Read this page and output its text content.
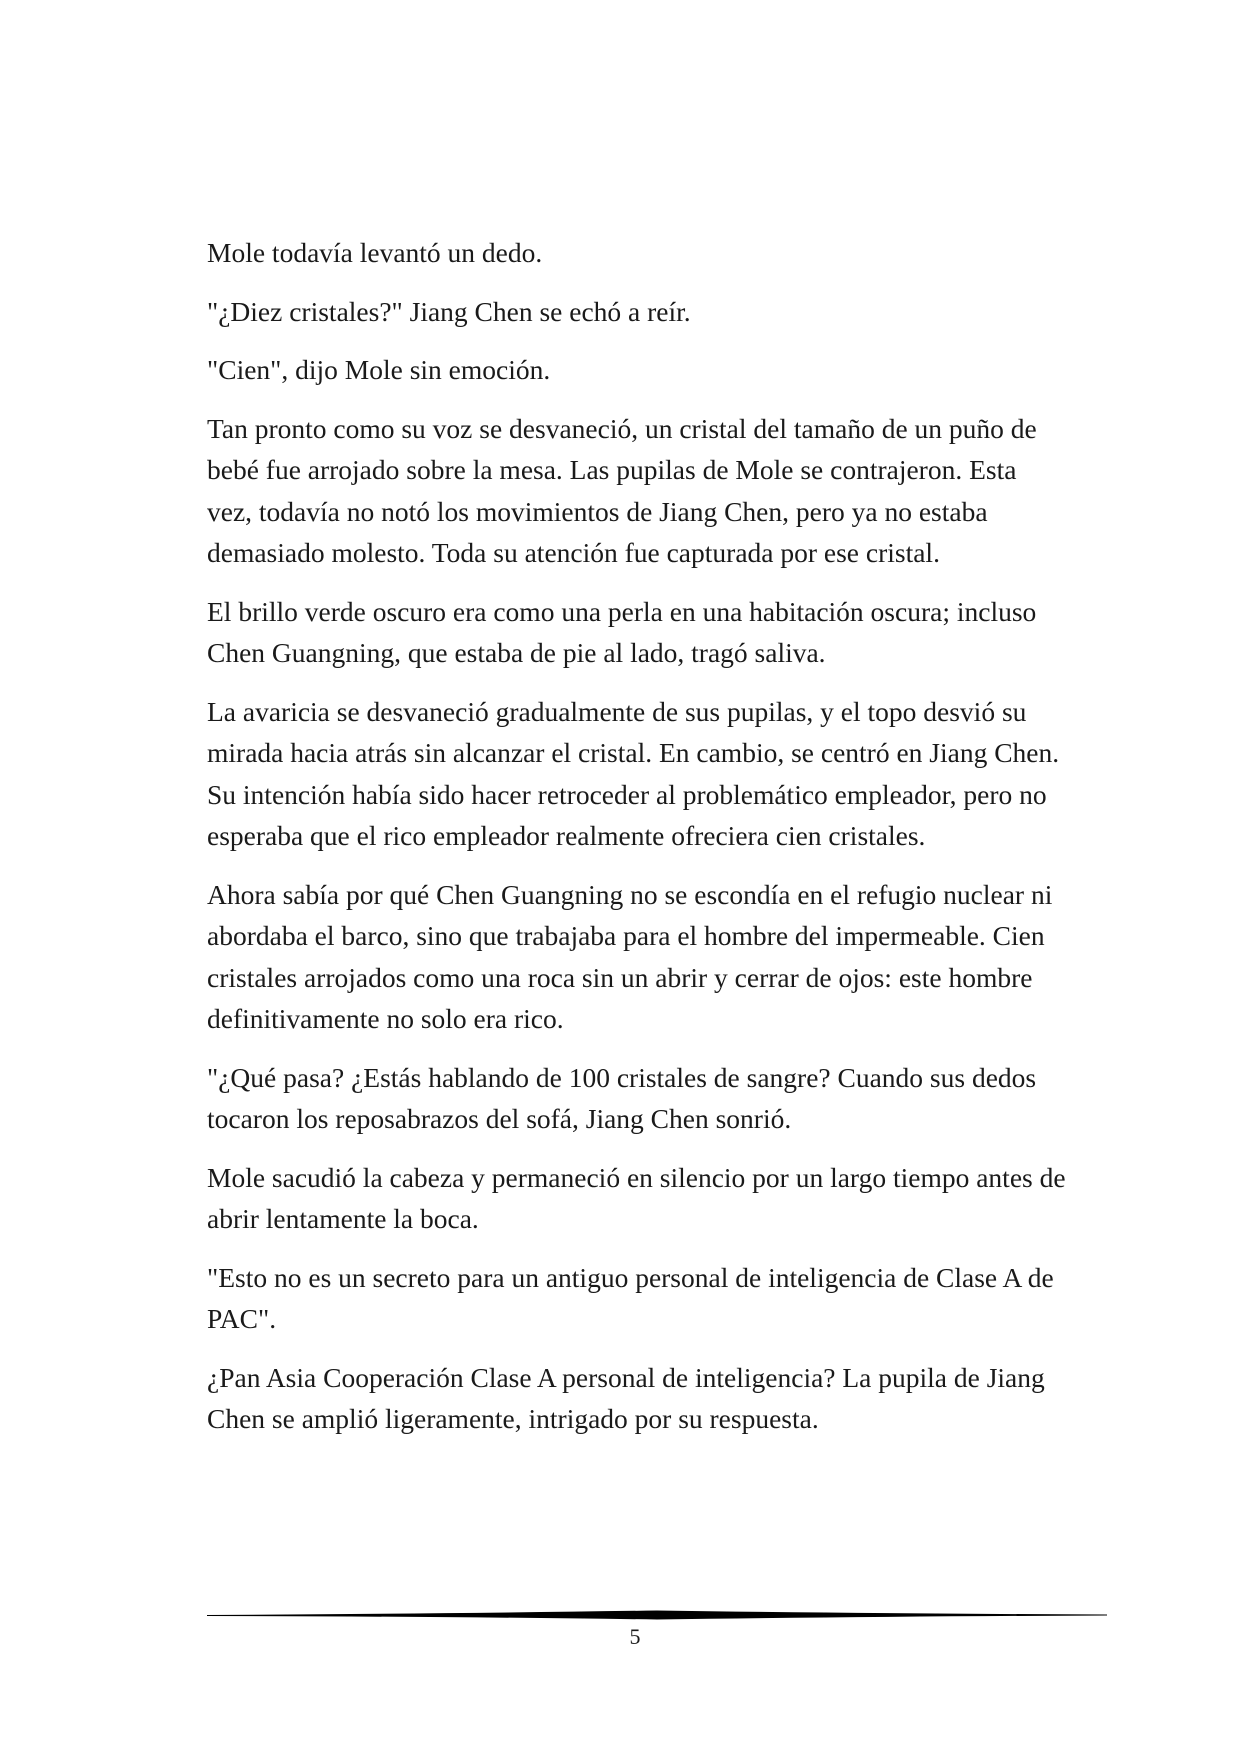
Mole todavía levantó un dedo.

"¿Diez cristales?" Jiang Chen se echó a reír.

"Cien", dijo Mole sin emoción.

Tan pronto como su voz se desvaneció, un cristal del tamaño de un puño de bebé fue arrojado sobre la mesa. Las pupilas de Mole se contrajeron. Esta vez, todavía no notó los movimientos de Jiang Chen, pero ya no estaba demasiado molesto. Toda su atención fue capturada por ese cristal.

El brillo verde oscuro era como una perla en una habitación oscura; incluso Chen Guangning, que estaba de pie al lado, tragó saliva.

La avaricia se desvaneció gradualmente de sus pupilas, y el topo desvió su mirada hacia atrás sin alcanzar el cristal. En cambio, se centró en Jiang Chen. Su intención había sido hacer retroceder al problemático empleador, pero no esperaba que el rico empleador realmente ofreciera cien cristales.

Ahora sabía por qué Chen Guangning no se escondía en el refugio nuclear ni abordaba el barco, sino que trabajaba para el hombre del impermeable. Cien cristales arrojados como una roca sin un abrir y cerrar de ojos: este hombre definitivamente no solo era rico.

"¿Qué pasa? ¿Estás hablando de 100 cristales de sangre? Cuando sus dedos tocaron los reposabrazos del sofá, Jiang Chen sonrió.

Mole sacudió la cabeza y permaneció en silencio por un largo tiempo antes de abrir lentamente la boca.

"Esto no es un secreto para un antiguo personal de inteligencia de Clase A de PAC".

¿Pan Asia Cooperación Clase A personal de inteligencia? La pupila de Jiang Chen se amplió ligeramente, intrigado por su respuesta.

5
